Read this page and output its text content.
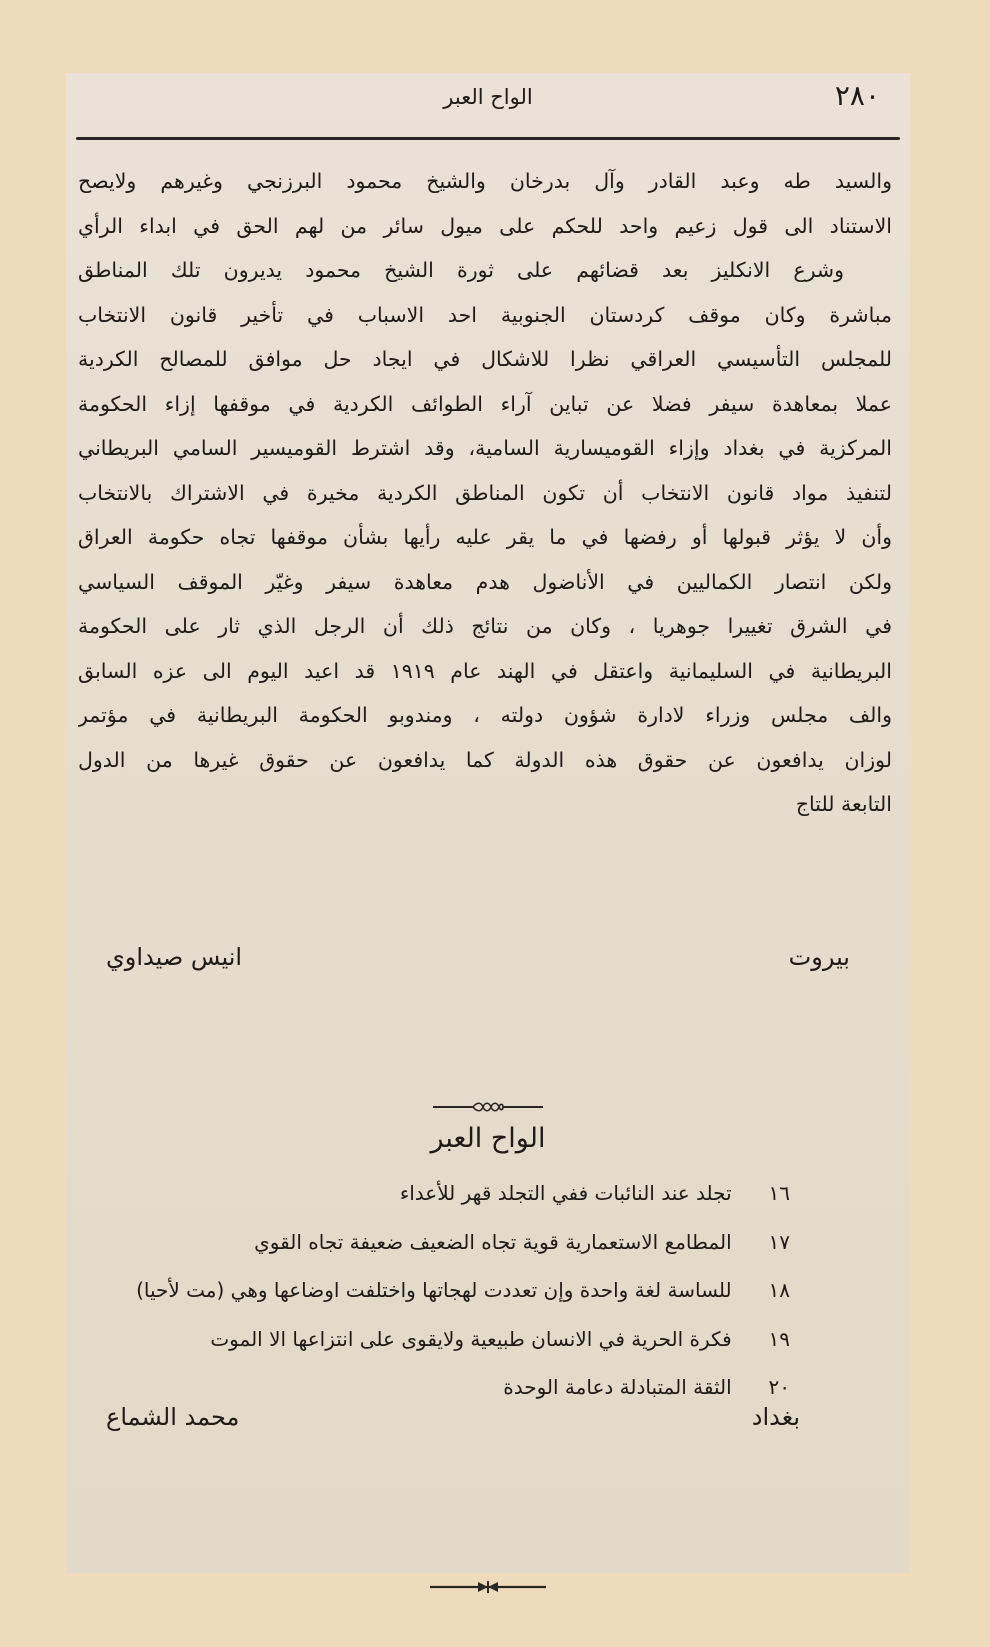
٢٨٠
الواح العبر
والسيد طه وعبد القادر وآل بدرخان والشيخ محمود البرزنجي وغيرهم ولايصح
الاستناد الى قول زعيم واحد للحكم على ميول سائر من لهم الحق في ابداء الرأي
وشرع الانكليز بعد قضائهم على ثورة الشيخ محمود يديرون تلك المناطق
مباشرة وكان موقف كردستان الجنوبية احد الاسباب في تأخير قانون الانتخاب
للمجلس التأسيسي العراقي نظرا للاشكال في ايجاد حل موافق للمصالح الكردية
عملا بمعاهدة سيفر فضلا عن تباين آراء الطوائف الكردية في موقفها إزاء الحكومة
المركزية في بغداد وإزاء القوميسارية السامية، وقد اشترط القوميسير السامي البريطاني
لتنفيذ مواد قانون الانتخاب أن تكون المناطق الكردية مخيرة في الاشتراك بالانتخاب
وأن لا يؤثر قبولها أو رفضها في ما يقر عليه رأيها بشأن موقفها تجاه حكومة العراق
ولكن انتصار الكماليين في الأناضول هدم معاهدة سيفر وغيّر الموقف السياسي
في الشرق تغييرا جوهريا ، وكان من نتائج ذلك أن الرجل الذي ثار على الحكومة
البريطانية في السليمانية واعتقل في الهند عام ١٩١٩ قد اعيد اليوم الى عزه السابق
والف مجلس وزراء لادارة شؤون دولته ، ومندوبو الحكومة البريطانية في مؤتمر
لوزان يدافعون عن حقوق هذه الدولة كما يدافعون عن حقوق غيرها من الدول
التابعة للتاج
بيروت
انيس صيداوي
الواح العبر
١٦ تجلد عند النائبات ففي التجلد قهر للأعداء
١٧ المطامع الاستعمارية قوية تجاه الضعيف ضعيفة تجاه القوي
١٨ للساسة لغة واحدة وإن تعددت لهجاتها واختلفت اوضاعها وهي (مت لأحيا)
١٩ فكرة الحرية في الانسان طبيعية ولايقوى على انتزاعها الا الموت
٢٠ الثقة المتبادلة دعامة الوحدة
بغداد
محمد الشماع
